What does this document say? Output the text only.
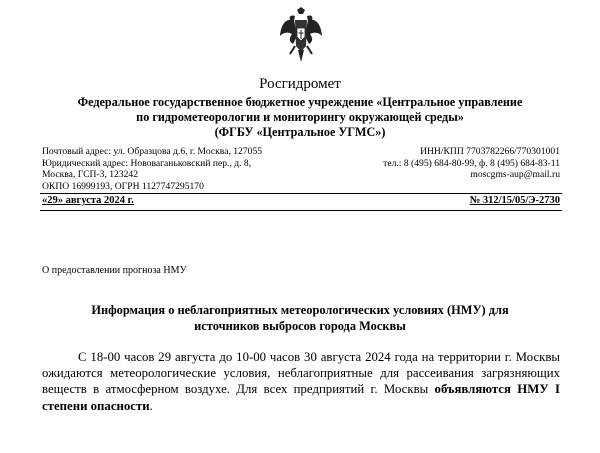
Росгидромет
Федеральное государственное бюджетное учреждение «Центральное управление
по гидрометеорологии и мониторингу окружающей среды»
(ФГБУ «Центральное УГМС»)
Почтовый адрес: ул. Образцова д.6, г. Москва, 127055
Юридический адрес: Нововаганьковский пер., д. 8,
Москва, ГСП-3, 123242
ОКПО 16999193, ОГРН 1127747295170
ИНН/КПП 7703782266/770301001
тел.: 8 (495) 684-80-99, ф. 8 (495) 684-83-11
moscgms-aup@mail.ru
«29» августа 2024 г.	№ 312/15/05/Э-2730
О предоставлении прогноза НМУ
Информация о неблагоприятных метеорологических условиях (НМУ) для
источников выбросов города Москвы
С 18-00 часов 29 августа до 10-00 часов 30 августа 2024 года на территории г. Москвы ожидаются метеорологические условия, неблагоприятные для рассеивания загрязняющих веществ в атмосферном воздухе. Для всех предприятий г. Москвы объявляются НМУ I степени опасности.
